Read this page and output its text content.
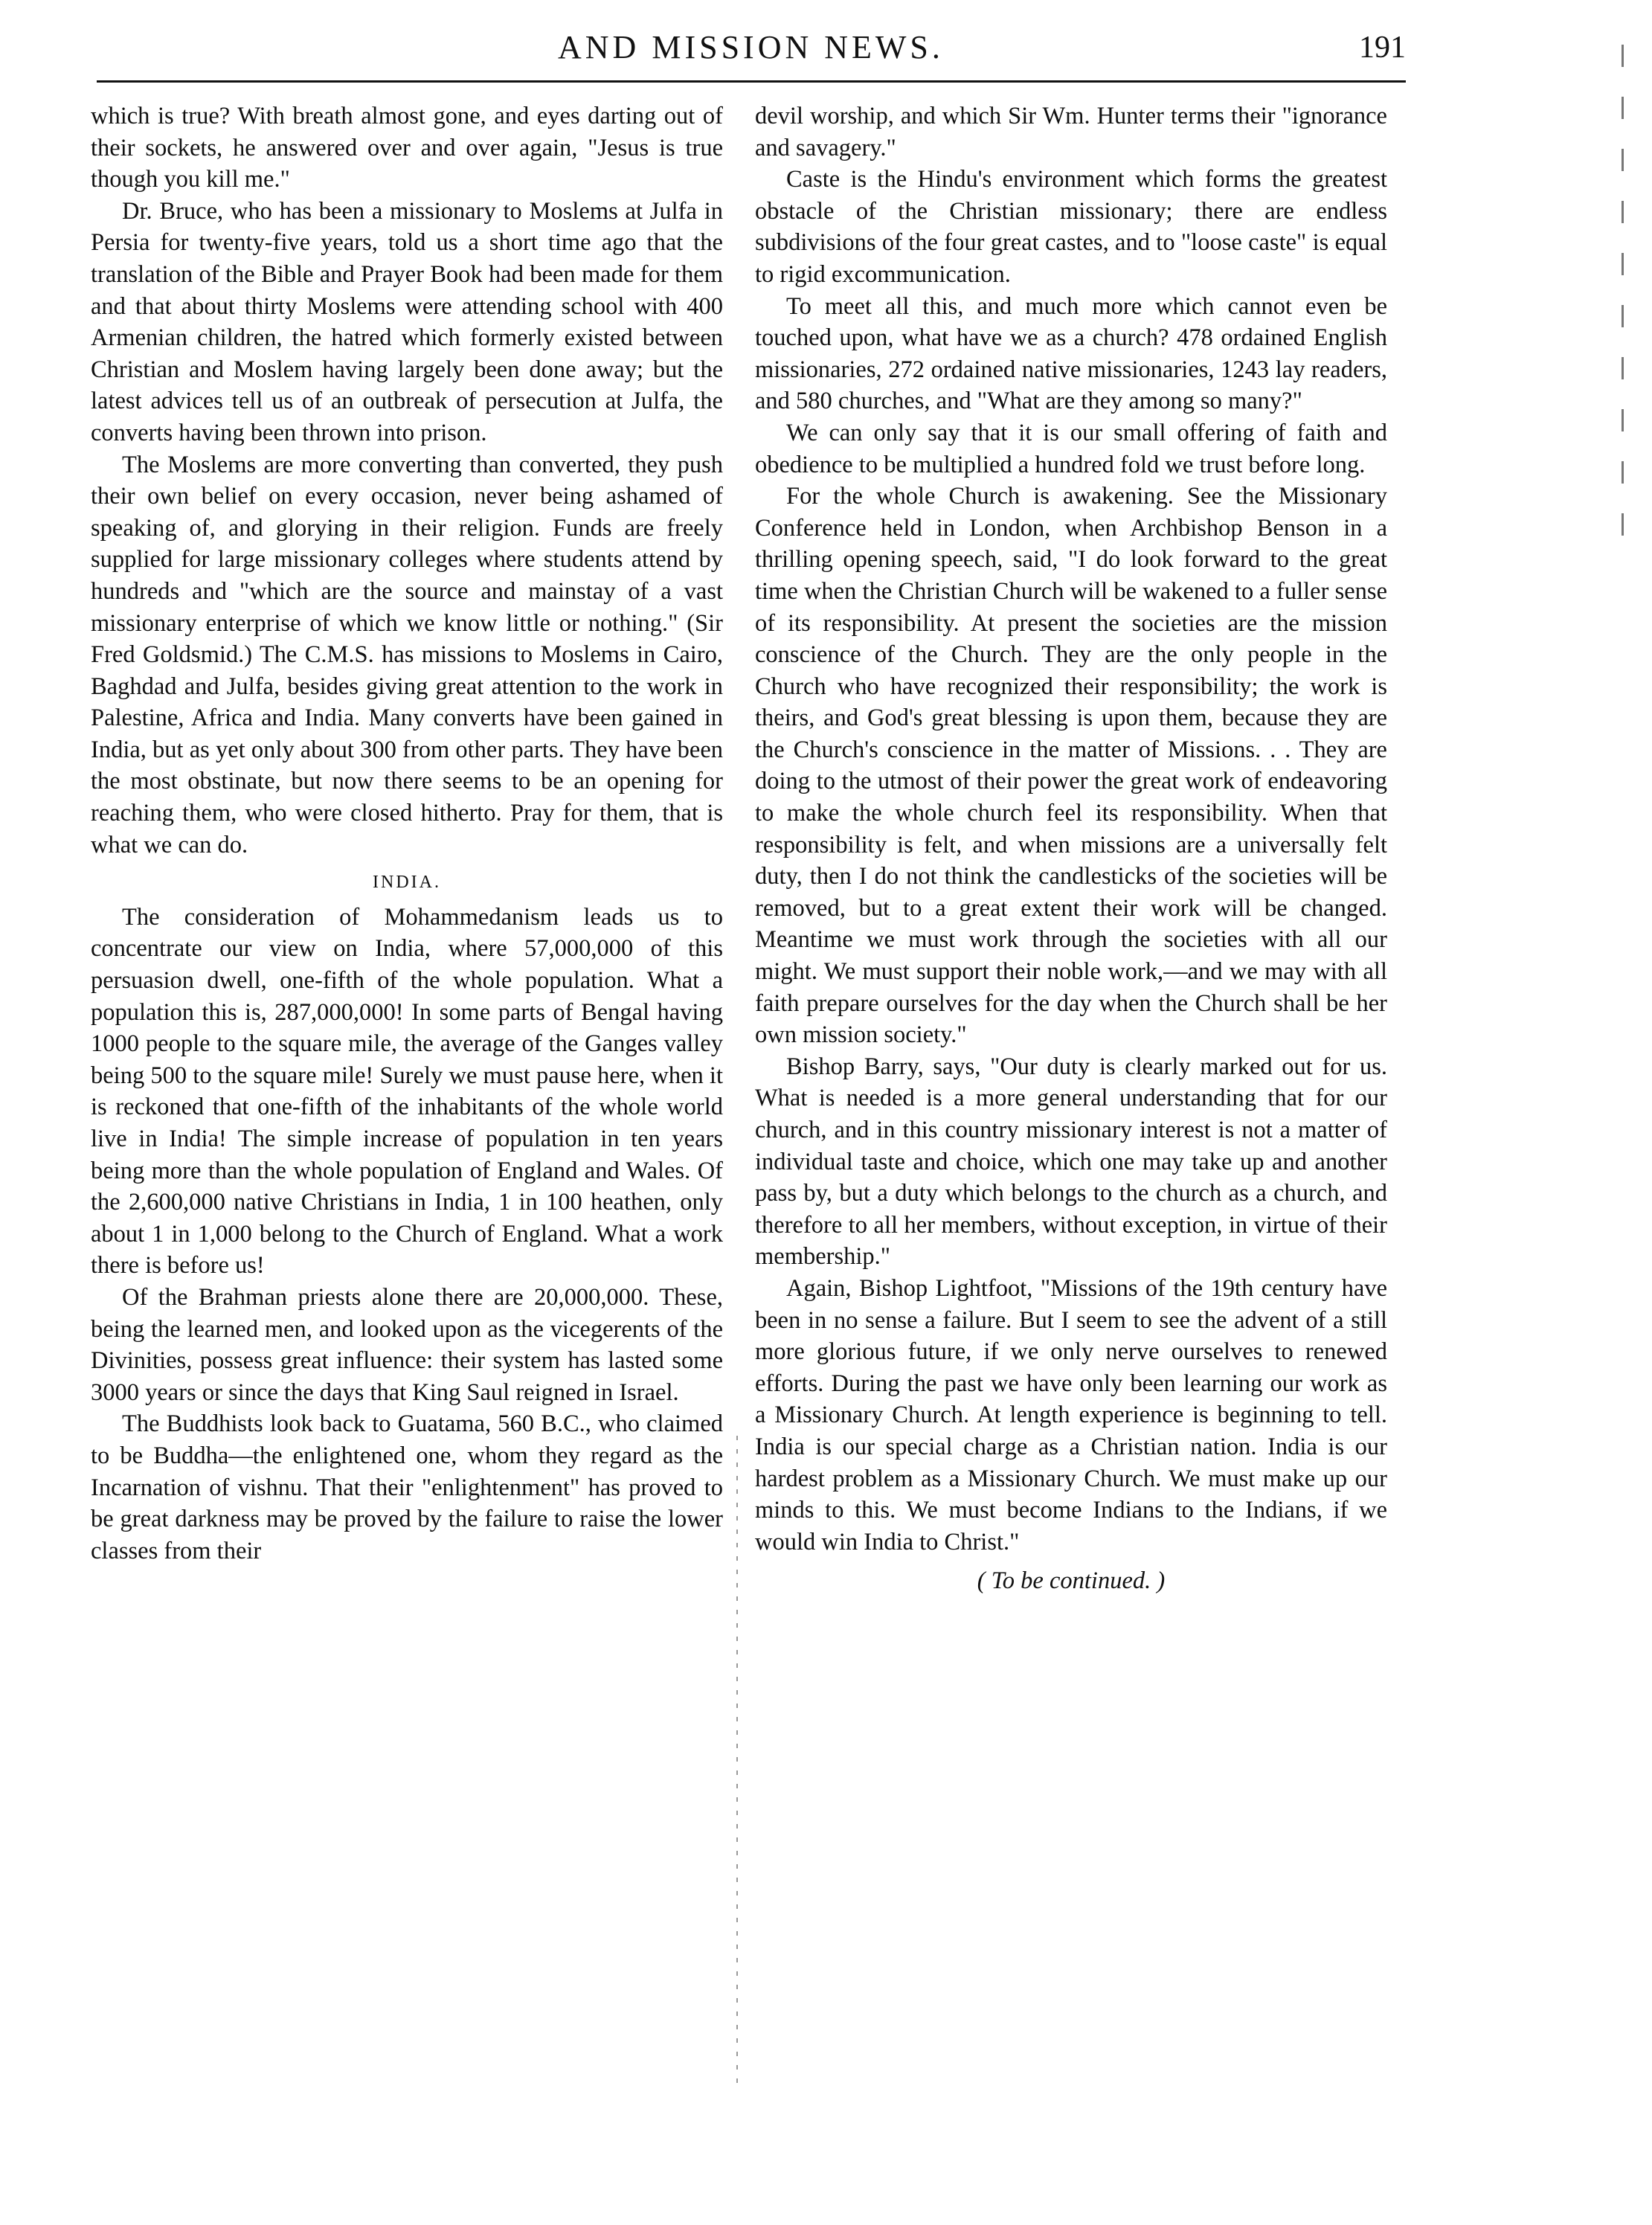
AND MISSION NEWS.	191

which is true? With breath almost gone, and eyes darting out of their sockets, he answered over and over again, "Jesus is true though you kill me."

Dr. Bruce, who has been a missionary to Moslems at Julfa in Persia for twenty-five years, told us a short time ago that the translation of the Bible and Prayer Book had been made for them and that about thirty Moslems were attending school with 400 Armenian children, the hatred which formerly existed between Christian and Moslem having largely been done away; but the latest advices tell us of an outbreak of persecution at Julfa, the converts having been thrown into prison.

The Moslems are more converting than converted, they push their own belief on every occasion, never being ashamed of speaking of, and glorying in their religion. Funds are freely supplied for large missionary colleges where students attend by hundreds and "which are the source and mainstay of a vast missionary enterprise of which we know little or nothing." (Sir Fred Goldsmid.) The C.M.S. has missions to Moslems in Cairo, Baghdad and Julfa, besides giving great attention to the work in Palestine, Africa and India. Many converts have been gained in India, but as yet only about 300 from other parts. They have been the most obstinate, but now there seems to be an opening for reaching them, who were closed hitherto. Pray for them, that is what we can do.

INDIA.

The consideration of Mohammedanism leads us to concentrate our view on India, where 57,000,000 of this persuasion dwell, one-fifth of the whole population. What a population this is, 287,000,000! In some parts of Bengal having 1000 people to the square mile, the average of the Ganges valley being 500 to the square mile! Surely we must pause here, when it is reckoned that one-fifth of the inhabitants of the whole world live in India! The simple increase of population in ten years being more than the whole population of England and Wales. Of the 2,600,000 native Christians in India, 1 in 100 heathen, only about 1 in 1,000 belong to the Church of England. What a work there is before us!

Of the Brahman priests alone there are 20,000,000. These, being the learned men, and looked upon as the vicegerents of the Divinities, possess great influence: their system has lasted some 3000 years or since the days that King Saul reigned in Israel.

The Buddhists look back to Guatama, 560 B.C., who claimed to be Buddha—the enlightened one, whom they regard as the Incarnation of vishnu. That their "enlightenment" has proved to be great darkness may be proved by the failure to raise the lower classes from their

devil worship, and which Sir Wm. Hunter terms their "ignorance and savagery."

Caste is the Hindu's environment which forms the greatest obstacle of the Christian missionary; there are endless subdivisions of the four great castes, and to "loose caste" is equal to rigid excommunication.

To meet all this, and much more which cannot even be touched upon, what have we as a church? 478 ordained English missionaries, 272 ordained native missionaries, 1243 lay readers, and 580 churches, and "What are they among so many?"

We can only say that it is our small offering of faith and obedience to be multiplied a hundred fold we trust before long.

For the whole Church is awakening. See the Missionary Conference held in London, when Archbishop Benson in a thrilling opening speech, said, "I do look forward to the great time when the Christian Church will be wakened to a fuller sense of its responsibility. At present the societies are the mission conscience of the Church. They are the only people in the Church who have recognized their responsibility; the work is theirs, and God's great blessing is upon them, because they are the Church's conscience in the matter of Missions. . . They are doing to the utmost of their power the great work of endeavoring to make the whole church feel its responsibility. When that responsibility is felt, and when missions are a universally felt duty, then I do not think the candlesticks of the societies will be removed, but to a great extent their work will be changed. Meantime we must work through the societies with all our might. We must support their noble work,—and we may with all faith prepare ourselves for the day when the Church shall be her own mission society."

Bishop Barry, says, "Our duty is clearly marked out for us. What is needed is a more general understanding that for our church, and in this country missionary interest is not a matter of individual taste and choice, which one may take up and another pass by, but a duty which belongs to the church as a church, and therefore to all her members, without exception, in virtue of their membership."

Again, Bishop Lightfoot, "Missions of the 19th century have been in no sense a failure. But I seem to see the advent of a still more glorious future, if we only nerve ourselves to renewed efforts. During the past we have only been learning our work as a Missionary Church. At length experience is beginning to tell. India is our special charge as a Christian nation. India is our hardest problem as a Missionary Church. We must make up our minds to this. We must become Indians to the Indians, if we would win India to Christ."

( To be continued. )
